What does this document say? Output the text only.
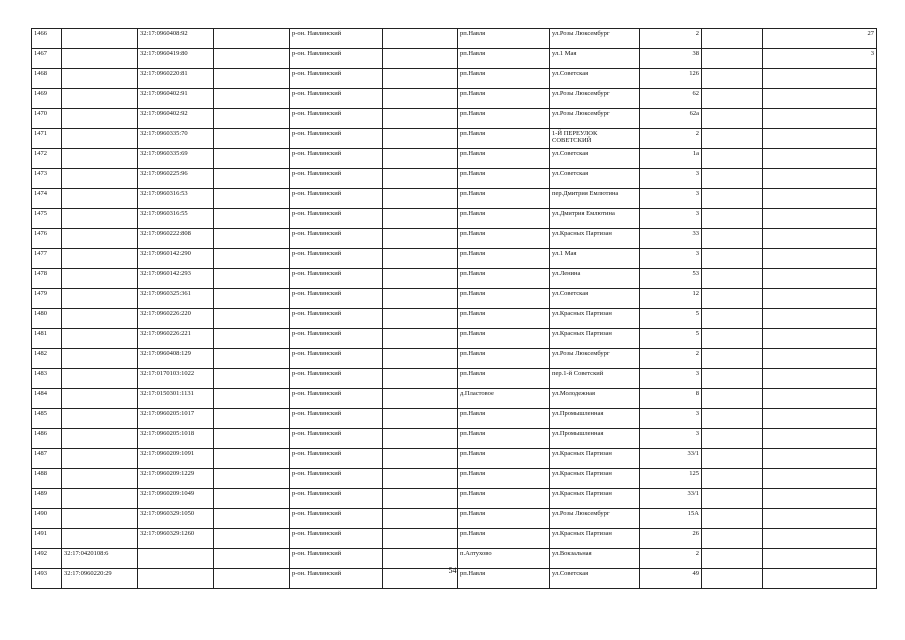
1466		32:17:0960408:92		р-он. Навлинский		рп.Навля	ул.Розы Люксембург	2		27
1467		32:17:0960419:80		р-он. Навлинский		рп.Навля	ул.1 Мая	38		3
1468		32:17:0960220:81		р-он. Навлинский		рп.Навля	ул.Советская	126		
1469		32:17:0960402:91		р-он. Навлинский		рп.Навля	ул.Розы Люксембург	62		
1470		32:17:0960402:92		р-он. Навлинский		рп.Навля	ул.Розы Люксембург	62а		
1471		32:17:0960335:70		р-он. Навлинский		рп.Навля	1-Й ПЕРЕУЛОК СОВЕТСКИЙ	2		
1472		32:17:0960335:69		р-он. Навлинский		рп.Навля	ул.Советская	1а		
1473		32:17:0960225:96		р-он. Навлинский		рп.Навля	ул.Советская	3		
1474		32:17:0960316:53		р-он. Навлинский		рп.Навля	пер.Дмитрия Емлютина	3		
1475		32:17:0960316:55		р-он. Навлинский		рп.Навля	ул.Дмитрия Емлютина	3		
1476		32:17:0960222:808		р-он. Навлинский		рп.Навля	ул.Красных Партизан	33		
1477		32:17:0960142:290		р-он. Навлинский		рп.Навля	ул.1 Мая	3		
1478		32:17:0960142:293		р-он. Навлинский		рп.Навля	ул.Ленина	53		
1479		32:17:0960325:361		р-он. Навлинский		рп.Навля	ул.Советская	12		
1480		32:17:0960226:220		р-он. Навлинский		рп.Навля	ул.Красных Партизан	5		
1481		32:17:0960226:221		р-он. Навлинский		рп.Навля	ул.Красных Партизан	5		
1482		32:17:0960408:129		р-он. Навлинский		рп.Навля	ул.Розы Люксембург	2		
1483		32:17:0170103:1022		р-он. Навлинский		рп.Навля	пер.1-й Советский	3		
1484		32:17:0150301:1131		р-он. Навлинский		д.Пластовое	ул.Молодежная	8		
1485		32:17:0960205:1017		р-он. Навлинский		рп.Навля	ул.Промышленная	3		
1486		32:17:0960205:1018		р-он. Навлинский		рп.Навля	ул.Промышленная	3		
1487		32:17:0960209:1091		р-он. Навлинский		рп.Навля	ул.Красных Партизан	33/1		
1488		32:17:0960209:1229		р-он. Навлинский		рп.Навля	ул.Красных Партизан	125		
1489		32:17:0960209:1049		р-он. Навлинский		рп.Навля	ул.Красных Партизан	33/1		
1490		32:17:0960329:1050		р-он. Навлинский		рп.Навля	ул.Розы Люксембург	15А		
1491		32:17:0960329:1260		р-он. Навлинский		рп.Навля	ул.Красных Партизан	26		
1492	32:17:0420108:6			р-он. Навлинский		п.Алтухово	ул.Вокзальная	2		
1493	32:17:0960220:29			р-он. Навлинский		рп.Навля	ул.Советская	49		
54
